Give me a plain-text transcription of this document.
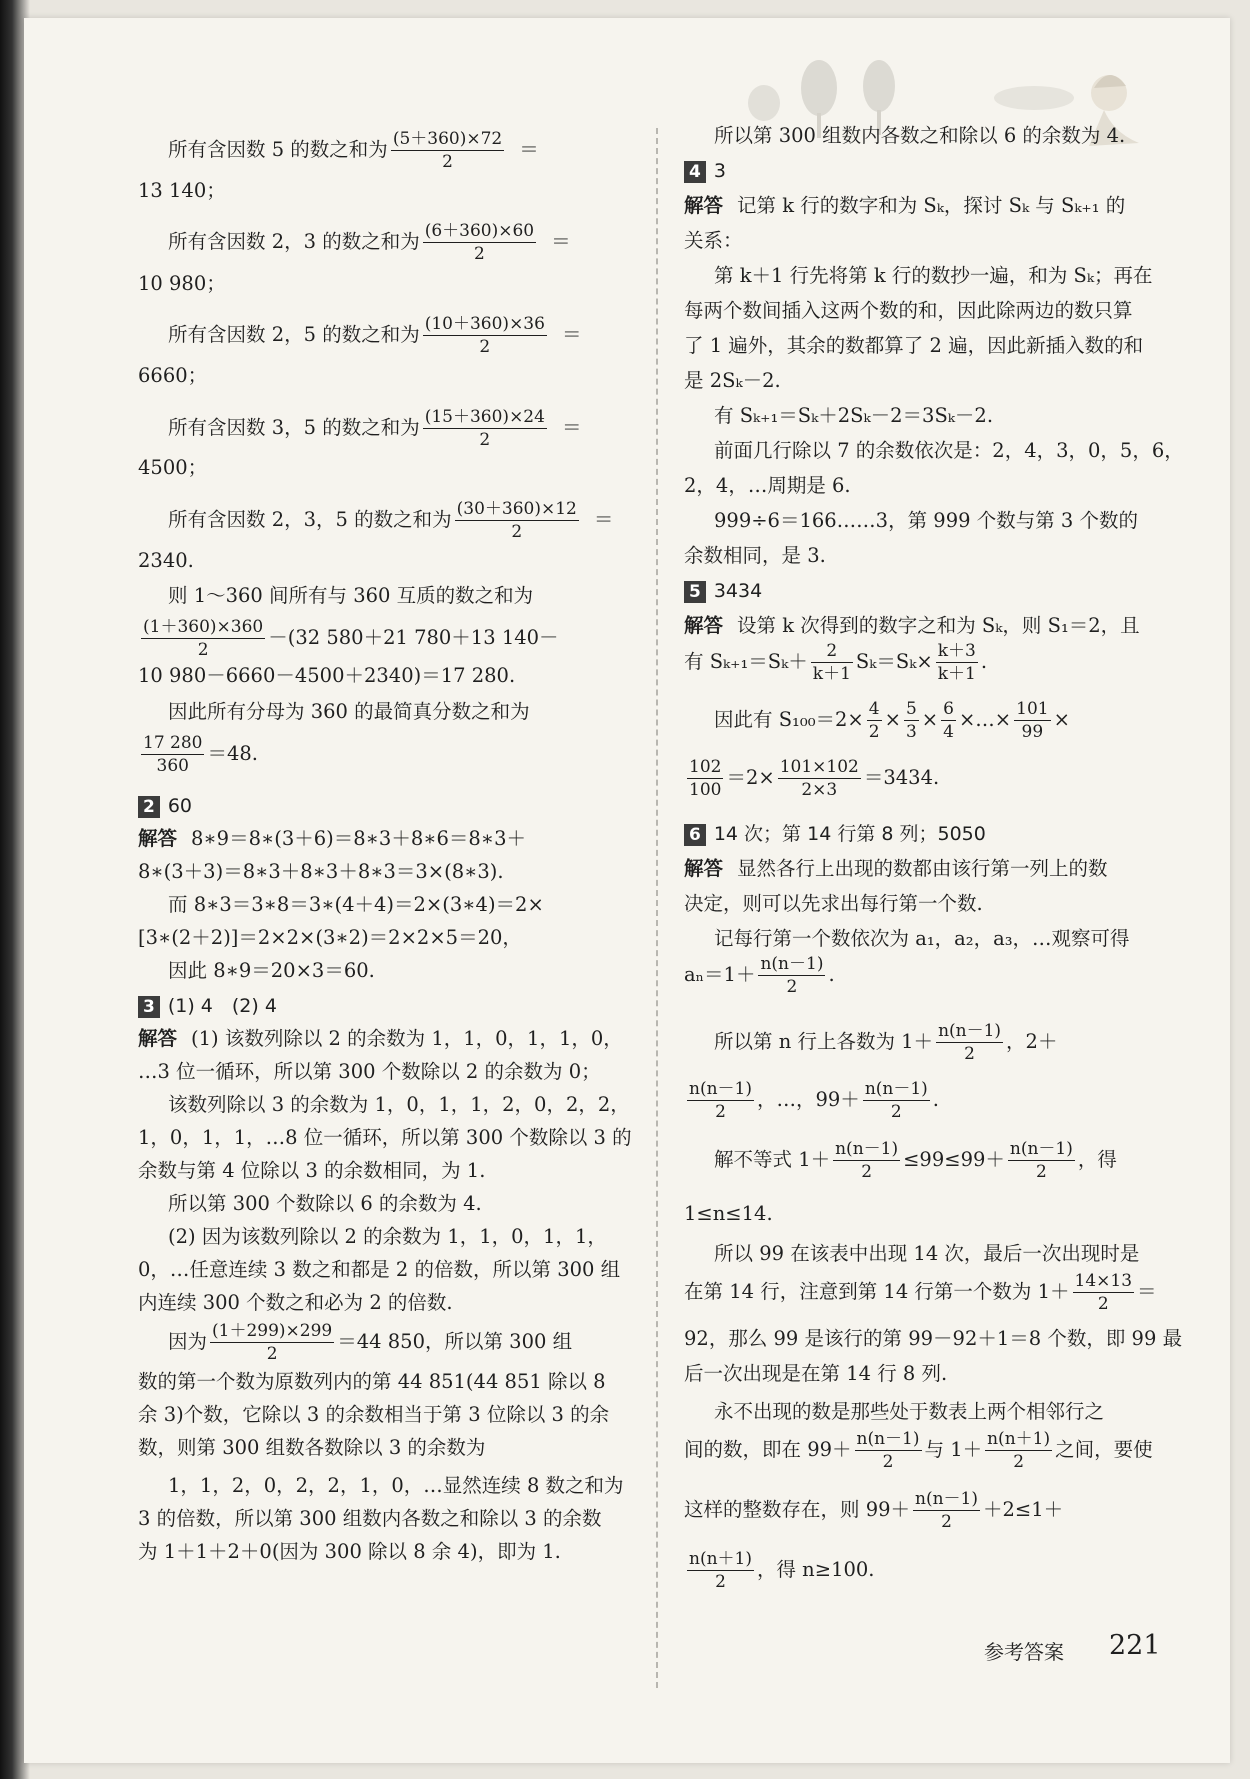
所有含因数 5 的数之和为 $\frac{(5+360)\times 72}{2}$ ＝
13 140；
所有含因数 2，3 的数之和为 $\frac{(6+360)\times 60}{2}$ ＝
10 980；
所有含因数 2，5 的数之和为 $\frac{(10+360)\times 36}{2}$ ＝
6660；
所有含因数 3，5 的数之和为 $\frac{(15+360)\times 24}{2}$ ＝
4500；
所有含因数 2，3，5 的数之和为 $\frac{(30+360)\times 12}{2}$ ＝
2340.
则 1～360 间所有与 360 互质的数之和为
$\frac{(1+360)\times 360}{2} -(32$ 580＋21 780＋13 140－
10 980－6660－4500＋2340)＝17 280.
因此所有分母为 360 的最简真分数之和为
$\frac{17 280}{360} =48$.
2 60
解答 8∗9＝8∗(3＋6)＝8∗3＋8∗6＝8∗3＋
8∗(3＋3)＝8∗3＋8∗3＋8∗3＝3×(8∗3).
而 8∗3＝3∗8＝3∗(4＋4)＝2×(3∗4)＝2×
[3∗(2＋2)]＝2×2×(3∗2)＝2×2×5＝20，
因此 8∗9＝20×3＝60.
3 (1) 4　(2) 4
解答 (1) 该数列除以 2 的余数为 1，1，0，1，1，0，
…3 位一循环，所以第 300 个数除以 2 的余数为 0；
该数列除以 3 的余数为 1，0，1，1，2，0，2，2，
1，0，1，1，…8 位一循环，所以第 300 个数除以 3 的
余数与第 4 位除以 3 的余数相同，为 1.
所以第 300 个数除以 6 的余数为 4.
(2) 因为该数列除以 2 的余数为 1，1，0，1，1，
0，…任意连续 3 数之和都是 2 的倍数，所以第 300 组
内连续 300 个数之和必为 2 的倍数.
因为 $\frac{(1+299)\times 299}{2} =44$ 850，所以第 300 组
数的第一个数为原数列内的第 44 851(44 851 除以 8
余 3)个数，它除以 3 的余数相当于第 3 位除以 3 的余
数，则第 300 组数各数除以 3 的余数为
1，1，2，0，2，2，1，0，…显然连续 8 数之和为
3 的倍数，所以第 300 组数内各数之和除以 3 的余数
为 1＋1＋2＋0(因为 300 除以 8 余 4)，即为 1.
所以第 300 组数内各数之和除以 6 的余数为 4.
4 3
解答 记第 k 行的数字和为 Sₖ，探讨 Sₖ 与 Sₖ₊₁ 的
关系：
第 k＋1 行先将第 k 行的数抄一遍，和为 Sₖ；再在
每两个数间插入这两个数的和，因此除两边的数只算
了 1 遍外，其余的数都算了 2 遍，因此新插入数的和
是 2Sₖ－2.
有 Sₖ₊₁＝Sₖ＋2Sₖ－2＝3Sₖ－2.
前面几行除以 7 的余数依次是：2，4，3，0，5，6，
2，4，…周期是 6.
999÷6＝166……3，第 999 个数与第 3 个数的
余数相同，是 3.
5 3434
解答 设第 k 次得到的数字之和为 Sₖ，则 S₁＝2，且
有 $S_{k+1}=S_k+ \frac{2}{k+1} S_k=S_k\times \frac{k+3}{k+1}$ .
因此有 $S_{100}=2\times \frac{4}{2} \times \frac{5}{3} \times \frac{6}{4}$ ×…× $\frac{101}{99}$ ×
$\frac{102}{100} =2\times \frac{101\times 102}{2\times 3} =3434$.
6 14 次；第 14 行第 8 列；5050
解答 显然各行上出现的数都由该行第一列上的数
决定，则可以先求出每行第一个数.
记每行第一个数依次为 a₁，a₂，a₃，…观察可得
$a_n=1+ \frac{n(n-1)}{2}$ .
所以第 n 行上各数为 $1+ \frac{n(n-1)}{2}$ ，2＋
$\frac{n(n-1)}{2}$ ，…，$99+ \frac{n(n-1)}{2}$ .
解不等式 $1+ \frac{n(n-1)}{2} \le 99\le 99+ \frac{n(n-1)}{2}$ ，得
1≤n≤14.
所以 99 在该表中出现 14 次，最后一次出现时是
在第 14 行，注意到第 14 行第一个数为 $1+ \frac{14\times 13}{2}$ ＝
92，那么 99 是该行的第 99－92＋1＝8 个数，即 99 最
后一次出现是在第 14 行 8 列.
永不出现的数是那些处于数表上两个相邻行之
间的数，即在 $99+ \frac{n(n-1)}{2}$ 与 $1+ \frac{n(n+1)}{2}$ 之间，要使
这样的整数存在，则 $99+ \frac{n(n-1)}{2} +2\le 1+$
$\frac{n(n+1)}{2}$ ，得 n≥100.
参考答案 221
